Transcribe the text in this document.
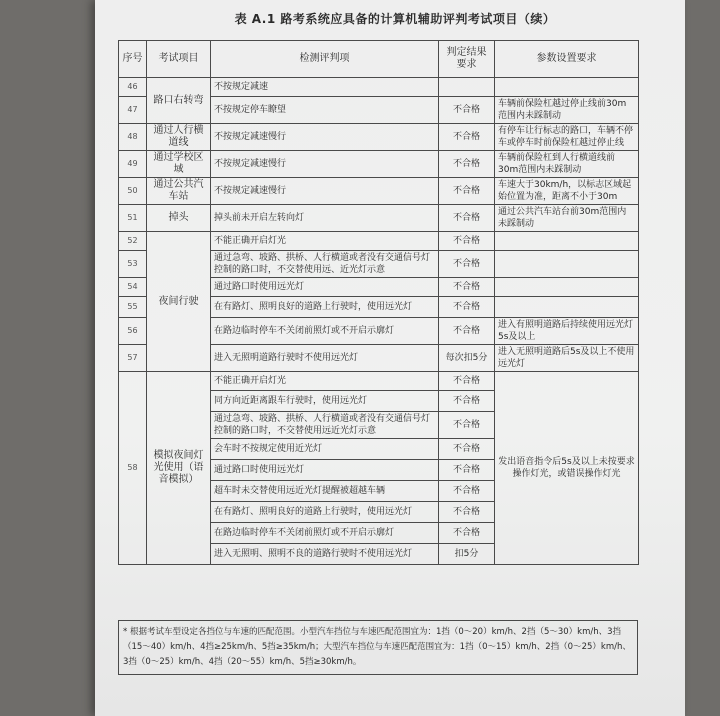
表 A.1 路考系统应具备的计算机辅助评判考试项目（续）
序号	考试项目	检测评判项	判定结果要求	参数设置要求
46	路口右转弯	不按规定减速		
47		不按规定停车瞭望	不合格	车辆前保险杠越过停止线前30m范围内未踩制动
48	通过人行横道线	不按规定减速慢行	不合格	有停车让行标志的路口，车辆不停车或停车时前保险杠越过停止线
49	通过学校区域	不按规定减速慢行	不合格	车辆前保险杠到人行横道线前30m范围内未踩制动
50	通过公共汽车站	不按规定减速慢行	不合格	车速大于30km/h，以标志区域起始位置为准，距离不小于30m
51	掉头	掉头前未开启左转向灯	不合格	通过公共汽车站台前30m范围内未踩制动
52	夜间行驶	不能正确开启灯光	不合格	
53		通过急弯、坡路、拱桥、人行横道或者没有交通信号灯控制的路口时，不交替使用远、近光灯示意	不合格	
54		通过路口时使用远光灯	不合格	
55		在有路灯、照明良好的道路上行驶时，使用远光灯	不合格	
56		在路边临时停车不关闭前照灯或不开启示廓灯	不合格	进入有照明道路后持续使用远光灯5s及以上
57		进入无照明道路行驶时不使用远光灯	每次扣5分	进入无照明道路后5s及以上不使用远光灯
58	模拟夜间灯光使用（语音模拟）	不能正确开启灯光	不合格	发出语音指令后5s及以上未按要求操作灯光，或错误操作灯光
		同方向近距离跟车行驶时，使用远光灯	不合格	
		通过急弯、坡路、拱桥、人行横道或者没有交通信号灯控制的路口时，不交替使用远近光灯示意	不合格	
		会车时不按规定使用近光灯	不合格	
		通过路口时使用远光灯	不合格	
		超车时未交替使用远近光灯提醒被超越车辆	不合格	
		在有路灯、照明良好的道路上行驶时，使用远光灯	不合格	
		在路边临时停车不关闭前照灯或不开启示廓灯	不合格	
		进入无照明、照明不良的道路行驶时不使用远光灯	扣5分	
* 根据考试车型设定各挡位与车速的匹配范围。小型汽车挡位与车速匹配范围宜为：1挡（0～20）km/h、2挡（5～30）km/h、3挡（15～40）km/h、4挡≥25km/h、5挡≥35km/h；大型汽车挡位与车速匹配范围宜为：1挡（0～15）km/h、2挡（0～25）km/h、3挡（0～25）km/h、4挡（20～55）km/h、5挡≥30km/h。
